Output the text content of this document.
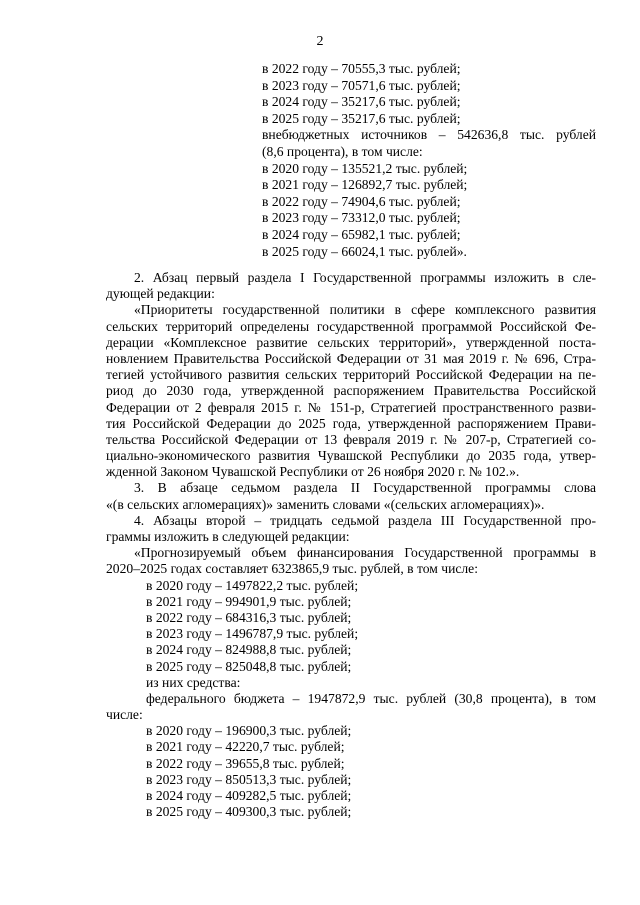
2
в 2022 году – 70555,3 тыс. рублей;
в 2023 году – 70571,6 тыс. рублей;
в 2024 году – 35217,6 тыс. рублей;
в 2025 году – 35217,6 тыс. рублей;
внебюджетных источников – 542636,8 тыс. рублей
(8,6 процента), в том числе:
в 2020 году – 135521,2 тыс. рублей;
в 2021 году – 126892,7 тыс. рублей;
в 2022 году – 74904,6 тыс. рублей;
в 2023 году – 73312,0 тыс. рублей;
в 2024 году – 65982,1 тыс. рублей;
в 2025 году – 66024,1 тыс. рублей».
2. Абзац первый раздела I Государственной программы изложить в сле-
дующей редакции:
«Приоритеты государственной политики в сфере комплексного развития
сельских территорий определены государственной программой Российской Фе-
дерации «Комплексное развитие сельских территорий», утвержденной поста-
новлением Правительства Российской Федерации от 31 мая 2019 г. № 696, Стра-
тегией устойчивого развития сельских территорий Российской Федерации на пе-
риод до 2030 года, утвержденной распоряжением Правительства Российской
Федерации от 2 февраля 2015 г. № 151-р, Стратегией пространственного разви-
тия Российской Федерации до 2025 года, утвержденной распоряжением Прави-
тельства Российской Федерации от 13 февраля 2019 г. № 207-р, Стратегией со-
циально-экономического развития Чувашской Республики до 2035 года, утвер-
жденной Законом Чувашской Республики от 26 ноября 2020 г. № 102.».
3. В абзаце седьмом раздела II Государственной программы слова
«(в сельских агломерациях)» заменить словами «(сельских агломерациях)».
4. Абзацы второй – тридцать седьмой раздела III Государственной про-
граммы изложить в следующей редакции:
«Прогнозируемый объем финансирования Государственной программы в
2020–2025 годах составляет 6323865,9 тыс. рублей, в том числе:
в 2020 году – 1497822,2 тыс. рублей;
в 2021 году – 994901,9 тыс. рублей;
в 2022 году – 684316,3 тыс. рублей;
в 2023 году – 1496787,9 тыс. рублей;
в 2024 году – 824988,8 тыс. рублей;
в 2025 году – 825048,8 тыс. рублей;
из них средства:
федерального бюджета – 1947872,9 тыс. рублей (30,8 процента), в том
числе:
в 2020 году – 196900,3 тыс. рублей;
в 2021 году – 42220,7 тыс. рублей;
в 2022 году – 39655,8 тыс. рублей;
в 2023 году – 850513,3 тыс. рублей;
в 2024 году – 409282,5 тыс. рублей;
в 2025 году – 409300,3 тыс. рублей;
